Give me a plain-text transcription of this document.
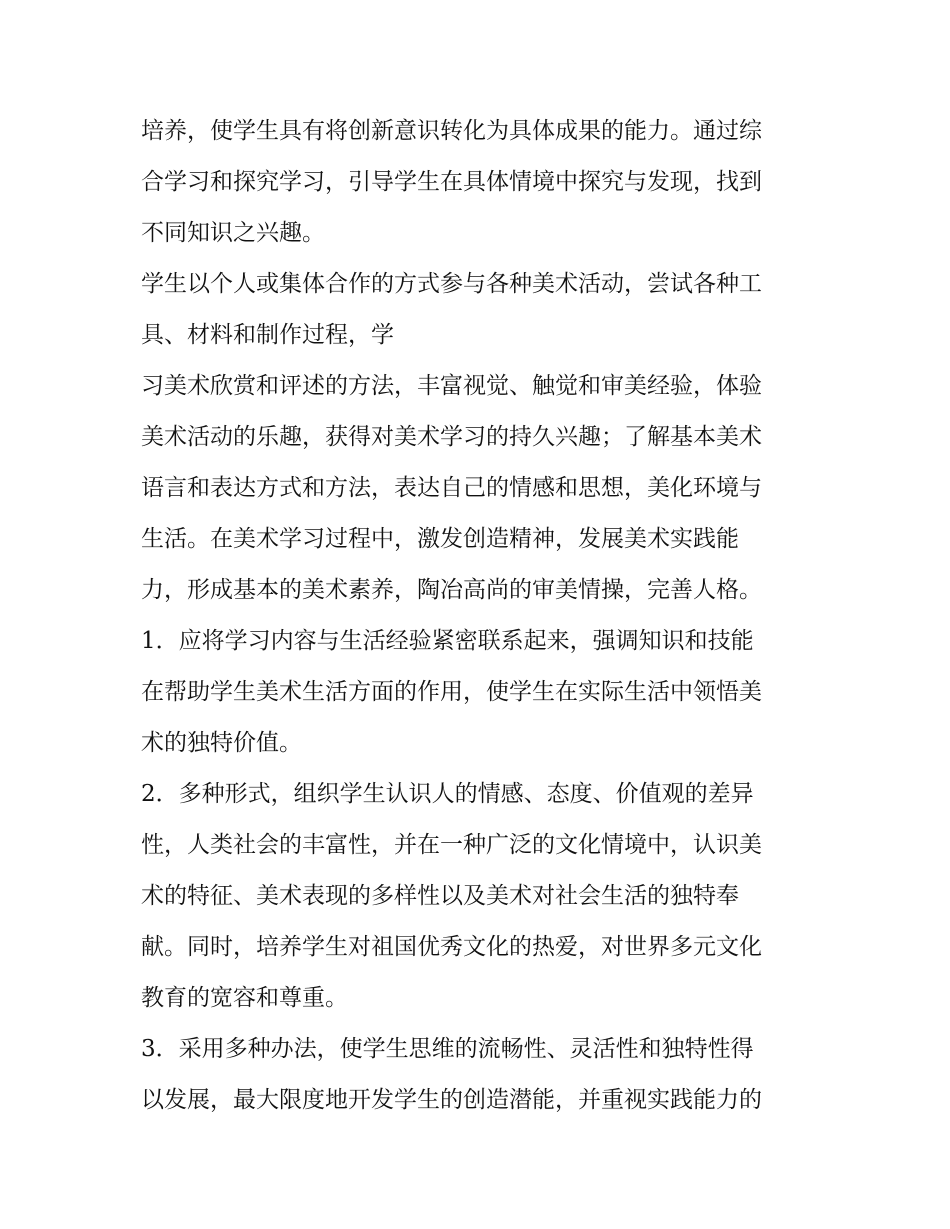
培养，使学生具有将创新意识转化为具体成果的能力。通过综

合学习和探究学习，引导学生在具体情境中探究与发现，找到

不同知识之兴趣。

学生以个人或集体合作的方式参与各种美术活动，尝试各种工

具、材料和制作过程，学

习美术欣赏和评述的方法，丰富视觉、触觉和审美经验，体验

美术活动的乐趣，获得对美术学习的持久兴趣；了解基本美术

语言和表达方式和方法，表达自己的情感和思想，美化环境与

生活。在美术学习过程中，激发创造精神，发展美术实践能

力，形成基本的美术素养，陶冶高尚的审美情操，完善人格。

1．应将学习内容与生活经验紧密联系起来，强调知识和技能

在帮助学生美术生活方面的作用，使学生在实际生活中领悟美

术的独特价值。

2．多种形式，组织学生认识人的情感、态度、价值观的差异

性，人类社会的丰富性，并在一种广泛的文化情境中，认识美

术的特征、美术表现的多样性以及美术对社会生活的独特奉

献。同时，培养学生对祖国优秀文化的热爱，对世界多元文化

教育的宽容和尊重。

3．采用多种办法，使学生思维的流畅性、灵活性和独特性得

以发展，最大限度地开发学生的创造潜能，并重视实践能力的
